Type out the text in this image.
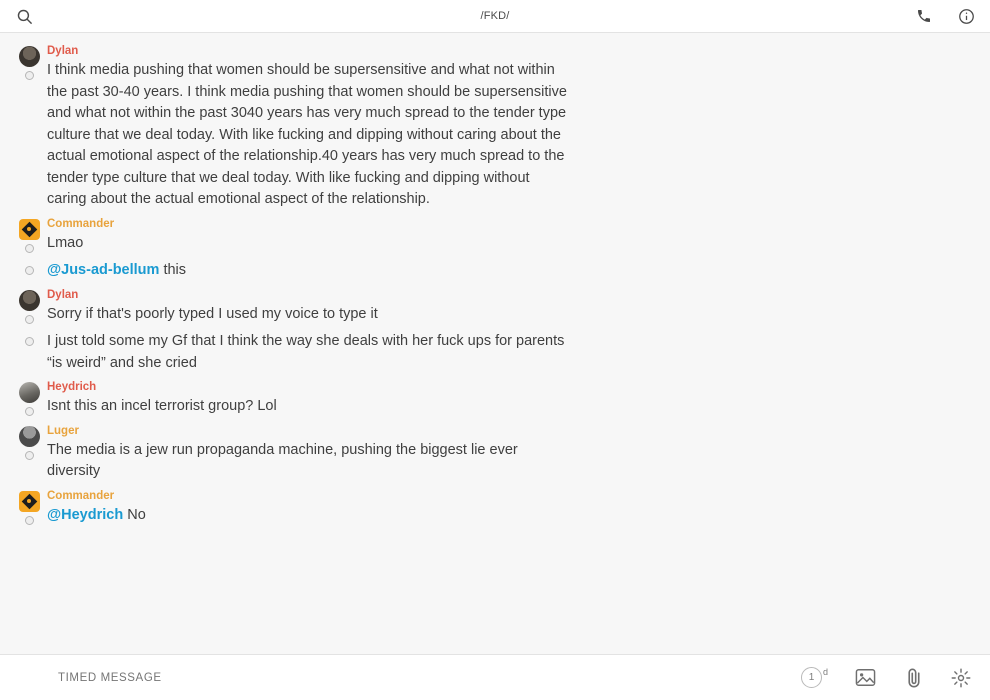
/FKD/
Dylan
I think media pushing that women should be supersensitive and what not within the past 30-40 years. I think media pushing that women should be supersensitive and what not within the past 3040 years has very much spread to the tender type culture that we deal today. With like fucking and dipping without caring about the actual emotional aspect of the relationship.40 years has very much spread to the tender type culture that we deal today. With like fucking and dipping without caring about the actual emotional aspect of the relationship.
Commander
Lmao
@Jus-ad-bellum this
Dylan
Sorry if that's poorly typed I used my voice to type it
I just told some my Gf that I think the way she deals with her fuck ups for parents “is weird” and she cried
Heydrich
Isnt this an incel terrorist group? Lol
Luger
The media is a jew run propaganda machine, pushing the biggest lie ever diversity
Commander
@Heydrich No
TIMED MESSAGE
1 d
